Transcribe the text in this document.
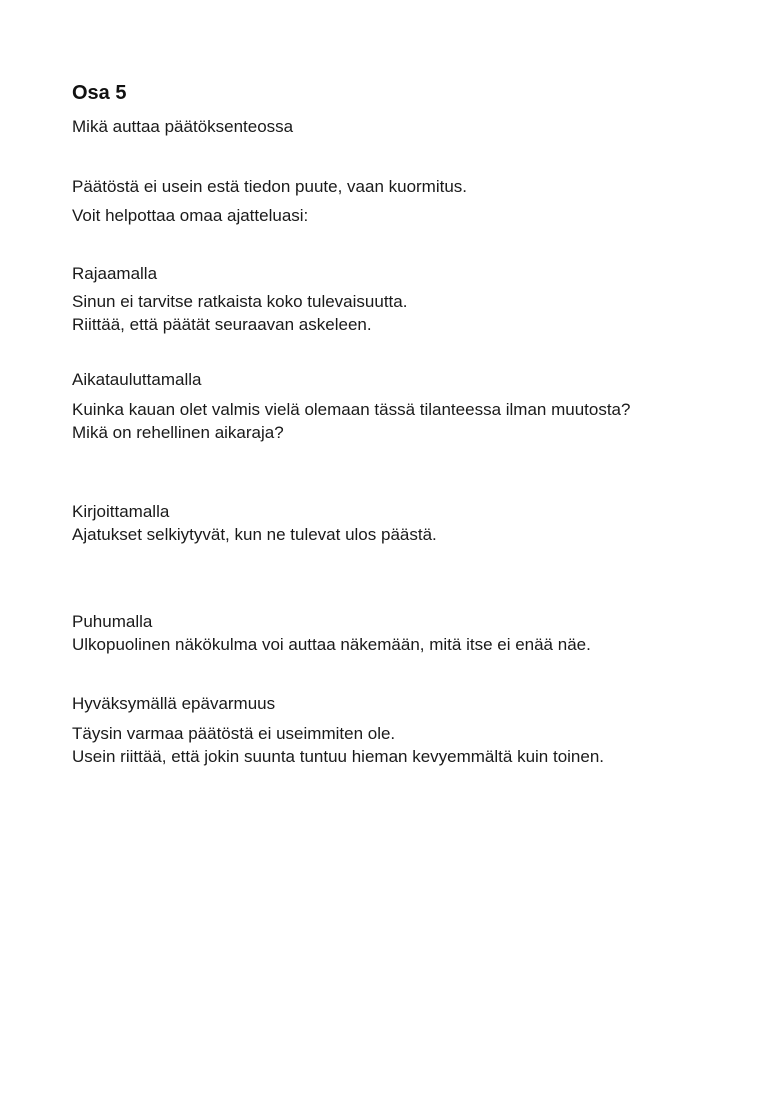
Osa 5

Mikä auttaa päätöksenteossa

Päätöstä ei usein estä tiedon puute, vaan kuormitus.

Voit helpottaa omaa ajatteluasi:

Rajaamalla

Sinun ei tarvitse ratkaista koko tulevaisuutta.
Riittää, että päätät seuraavan askeleen.

Aikatauluttamalla

Kuinka kauan olet valmis vielä olemaan tässä tilanteessa ilman muutosta?
Mikä on rehellinen aikaraja?

Kirjoittamalla

Ajatukset selkiytyvät, kun ne tulevat ulos päästä.

Puhumalla

Ulkopuolinen näkökulma voi auttaa näkemään, mitä itse ei enää näe.

Hyväksymällä epävarmuus

Täysin varmaa päätöstä ei useimmiten ole.
Usein riittää, että jokin suunta tuntuu hieman kevyemmältä kuin toinen.
